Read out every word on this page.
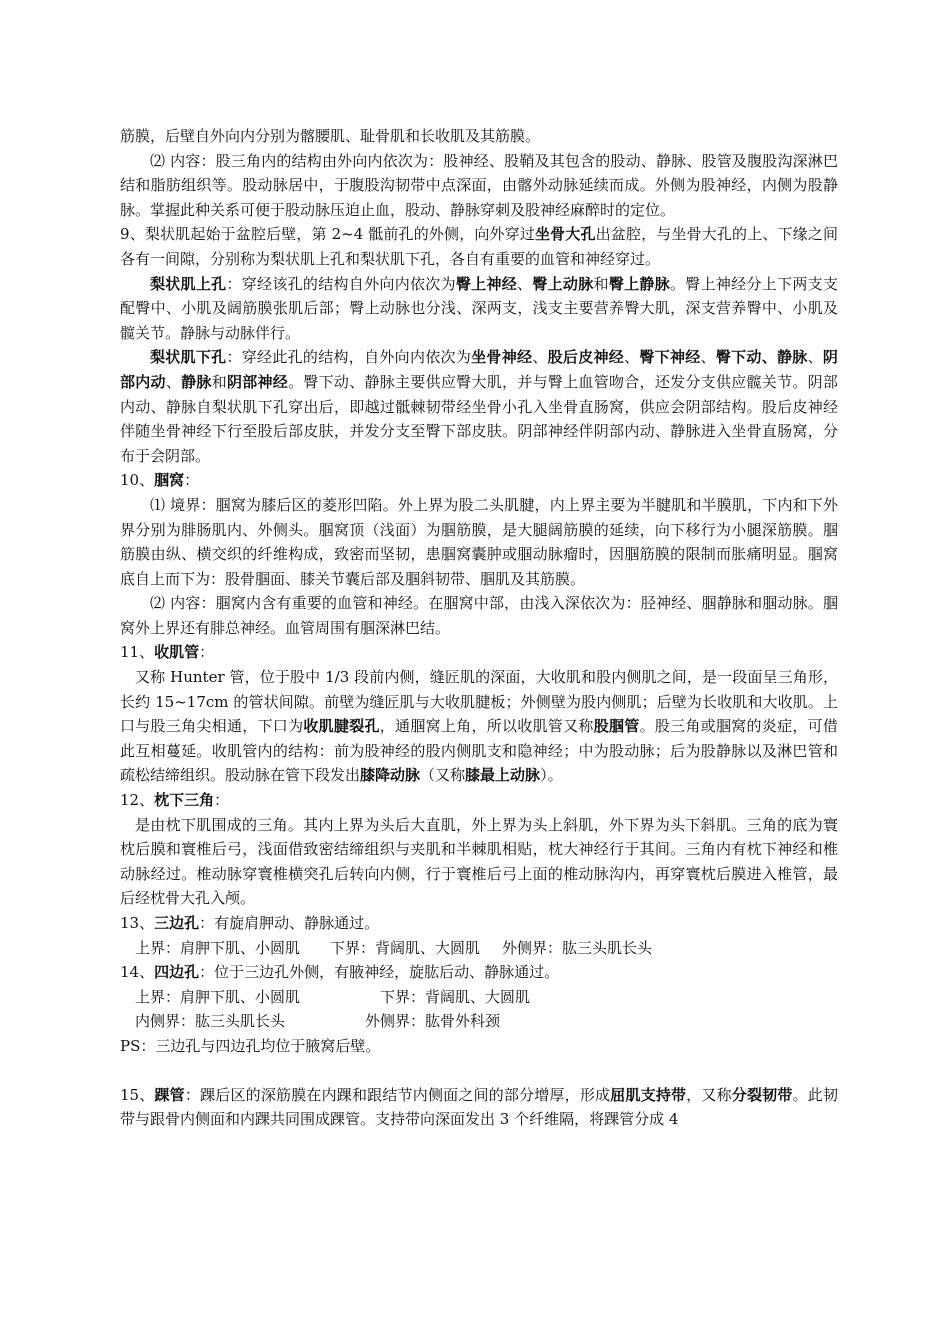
筋膜，后壁自外向内分别为髂腰肌、耻骨肌和长收肌及其筋膜。

⑵ 内容：股三角内的结构由外向内依次为：股神经、股鞘及其包含的股动、静脉、股管及腹股沟深淋巴结和脂肪组织等。股动脉居中，于腹股沟韧带中点深面，由髂外动脉延续而成。外侧为股神经，内侧为股静脉。掌握此种关系可便于股动脉压迫止血，股动、静脉穿刺及股神经麻醉时的定位。

9、梨状肌起始于盆腔后壁，第 2~4 骶前孔的外侧，向外穿过坐骨大孔出盆腔，与坐骨大孔的上、下缘之间各有一间隙，分别称为梨状肌上孔和梨状肌下孔，各自有重要的血管和神经穿过。

梨状肌上孔：穿经该孔的结构自外向内依次为臀上神经、臀上动脉和臀上静脉。臀上神经分上下两支支配臀中、小肌及阔筋膜张肌后部；臀上动脉也分浅、深两支，浅支主要营养臀大肌，深支营养臀中、小肌及髋关节。静脉与动脉伴行。

梨状肌下孔：穿经此孔的结构，自外向内依次为坐骨神经、股后皮神经、臀下神经、臀下动、静脉、阴部内动、静脉和阴部神经。臀下动、静脉主要供应臀大肌，并与臀上血管吻合，还发分支供应髋关节。阴部内动、静脉自梨状肌下孔穿出后，即越过骶棘韧带经坐骨小孔入坐骨直肠窝，供应会阴部结构。股后皮神经伴随坐骨神经下行至股后部皮肤，并发分支至臀下部皮肤。阴部神经伴阴部内动、静脉进入坐骨直肠窝，分布于会阴部。

10、腘窝：

⑴ 境界：腘窝为膝后区的菱形凹陷。外上界为股二头肌腱，内上界主要为半腱肌和半膜肌，下内和下外界分别为腓肠肌内、外侧头。腘窝顶（浅面）为腘筋膜，是大腿阔筋膜的延续，向下移行为小腿深筋膜。腘筋膜由纵、横交织的纤维构成，致密而坚韧，患腘窝囊肿或腘动脉瘤时，因腘筋膜的限制而胀痛明显。腘窝底自上而下为：股骨腘面、膝关节囊后部及腘斜韧带、腘肌及其筋膜。

⑵ 内容：腘窝内含有重要的血管和神经。在腘窝中部，由浅入深依次为：胫神经、腘静脉和腘动脉。腘窝外上界还有腓总神经。血管周围有腘深淋巴结。

11、收肌管：

又称 Hunter 管，位于股中 1/3 段前内侧，缝匠肌的深面，大收肌和股内侧肌之间，是一段面呈三角形，长约 15~17cm 的管状间隙。前壁为缝匠肌与大收肌腱板；外侧壁为股内侧肌；后壁为长收肌和大收肌。上口与股三角尖相通，下口为收肌腱裂孔，通腘窝上角，所以收肌管又称股腘管。股三角或腘窝的炎症，可借此互相蔓延。收肌管内的结构：前为股神经的股内侧肌支和隐神经；中为股动脉；后为股静脉以及淋巴管和疏松结缔组织。股动脉在管下段发出膝降动脉（又称膝最上动脉）。

12、枕下三角：

是由枕下肌围成的三角。其内上界为头后大直肌，外上界为头上斜肌，外下界为头下斜肌。三角的底为寰枕后膜和寰椎后弓，浅面借致密结缔组织与夹肌和半棘肌相贴，枕大神经行于其间。三角内有枕下神经和椎动脉经过。椎动脉穿寰椎横突孔后转向内侧，行于寰椎后弓上面的椎动脉沟内，再穿寰枕后膜进入椎管，最后经枕骨大孔入颅。

13、三边孔：有旋肩胛动、静脉通过。

上界：肩胛下肌、小圆肌 下界：背阔肌、大圆肌 外侧界：肱三头肌长头

14、四边孔：位于三边孔外侧，有腋神经，旋肱后动、静脉通过。

上界：肩胛下肌、小圆肌	下界：背阔肌、大圆肌
内侧界：肱三头肌长头	外侧界：肱骨外科颈

PS：三边孔与四边孔均位于腋窝后壁。

15、踝管：踝后区的深筋膜在内踝和跟结节内侧面之间的部分增厚，形成屈肌支持带，又称分裂韧带。此韧带与跟骨内侧面和内踝共同围成踝管。支持带向深面发出 3 个纤维隔，将踝管分成 4
